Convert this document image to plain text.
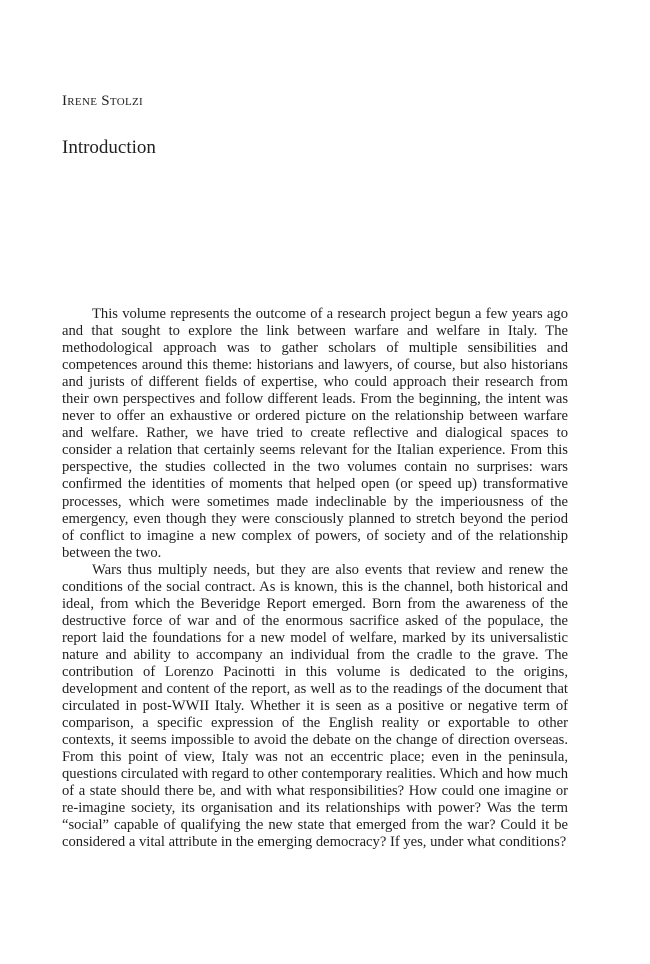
Irene Stolzi
Introduction

This volume represents the outcome of a research project begun a few years ago and that sought to explore the link between warfare and welfare in Italy. The methodological approach was to gather scholars of multiple sensibilities and competences around this theme: historians and lawyers, of course, but also historians and jurists of different fields of expertise, who could approach their research from their own perspectives and follow different leads. From the beginning, the intent was never to offer an exhaustive or ordered picture on the relationship between warfare and welfare. Rather, we have tried to create reflective and dialogical spaces to consider a relation that certainly seems relevant for the Italian experience. From this perspective, the studies collected in the two volumes contain no surprises: wars confirmed the identities of moments that helped open (or speed up) transformative processes, which were sometimes made indeclinable by the imperiousness of the emergency, even though they were consciously planned to stretch beyond the period of conflict to imagine a new complex of powers, of society and of the relationship between the two.

Wars thus multiply needs, but they are also events that review and renew the conditions of the social contract. As is known, this is the channel, both historical and ideal, from which the Beveridge Report emerged. Born from the awareness of the destructive force of war and of the enormous sacrifice asked of the populace, the report laid the foundations for a new model of welfare, marked by its universalistic nature and ability to accompany an individual from the cradle to the grave. The contribution of Lorenzo Pacinotti in this volume is dedicated to the origins, development and content of the report, as well as to the readings of the document that circulated in post-WWII Italy. Whether it is seen as a positive or negative term of comparison, a specific expression of the English reality or exportable to other contexts, it seems impossible to avoid the debate on the change of direction overseas. From this point of view, Italy was not an eccentric place; even in the peninsula, questions circulated with regard to other contemporary realities. Which and how much of a state should there be, and with what responsibilities? How could one imagine or re-imagine society, its organisation and its relationships with power? Was the term “social” capable of qualifying the new state that emerged from the war? Could it be considered a vital attribute in the emerging democracy? If yes, under what conditions?
